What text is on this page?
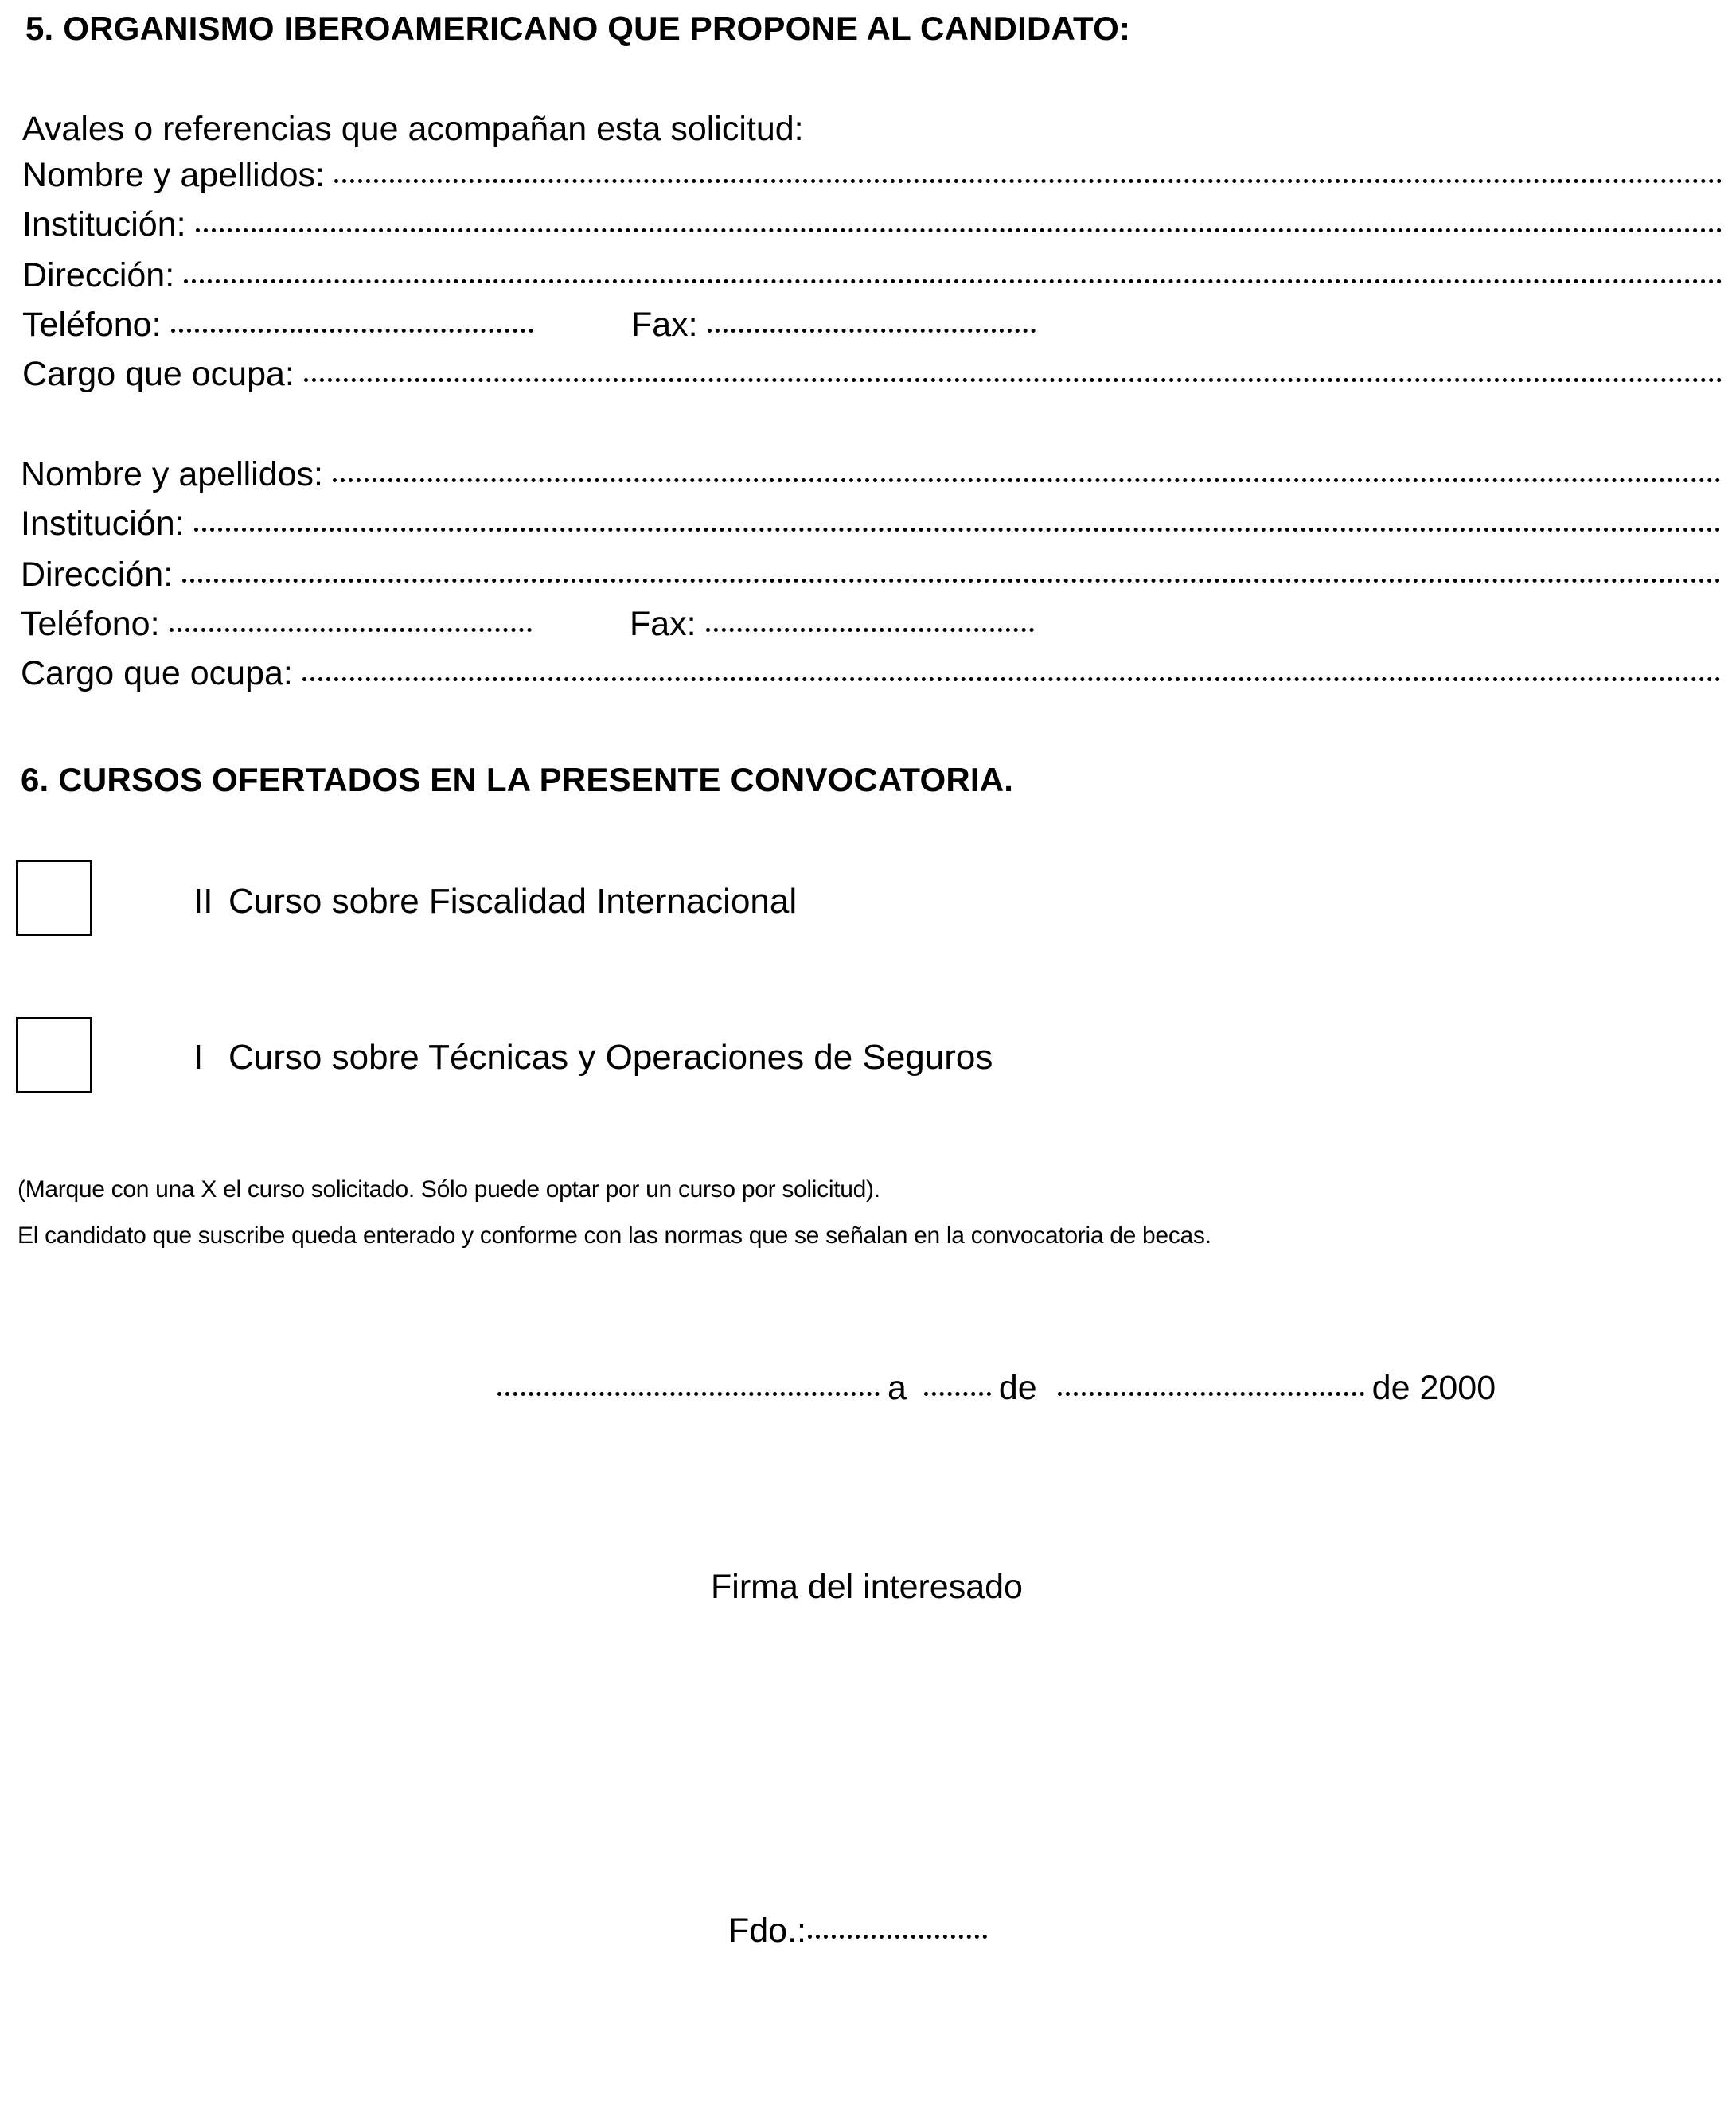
5. ORGANISMO IBEROAMERICANO QUE PROPONE AL CANDIDATO:
Avales o referencias que acompañan esta solicitud:
Nombre y apellidos:
Institución:
Dirección:
Teléfono:	Fax:
Cargo que ocupa:
Nombre y apellidos:
Institución:
Dirección:
Teléfono:	Fax:
Cargo que ocupa:
6. CURSOS OFERTADOS EN LA PRESENTE CONVOCATORIA.
II Curso sobre Fiscalidad Internacional
I Curso sobre Técnicas y Operaciones de Seguros
(Marque con una X el curso solicitado. Sólo puede optar por un curso por solicitud).
El candidato que suscribe queda enterado y conforme con las normas que se señalan en la convocatoria de becas.
a	de	de 2000
Firma del interesado
Fdo.:
